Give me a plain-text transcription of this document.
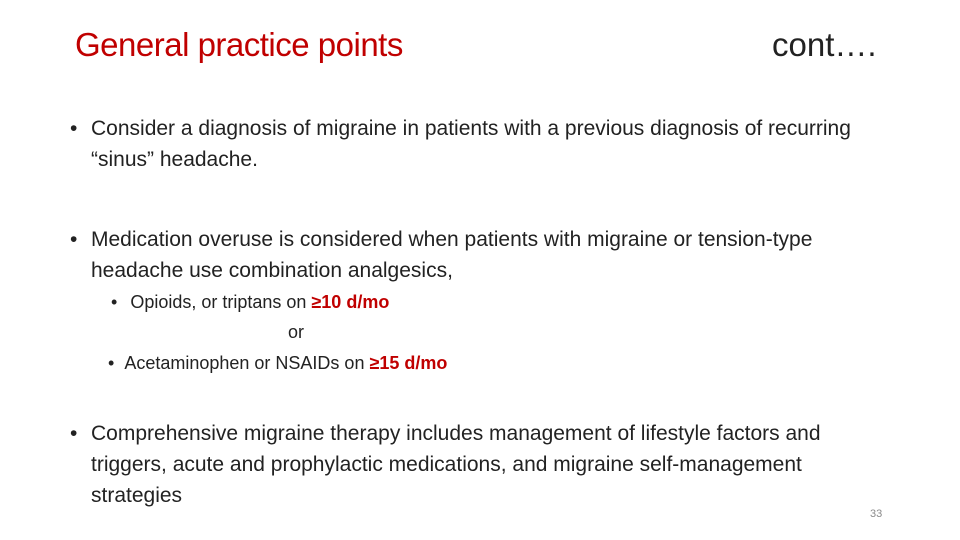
General practice points	cont….
• Consider a diagnosis of migraine in patients with a previous diagnosis of recurring “sinus” headache.
• Medication overuse is considered when patients with migraine or tension-type headache use combination analgesics,
• Opioids, or triptans on ≥10 d/mo
or
• Acetaminophen or NSAIDs on ≥15 d/mo
• Comprehensive migraine therapy includes management of lifestyle factors and triggers, acute and prophylactic medications, and migraine self-management strategies
33
